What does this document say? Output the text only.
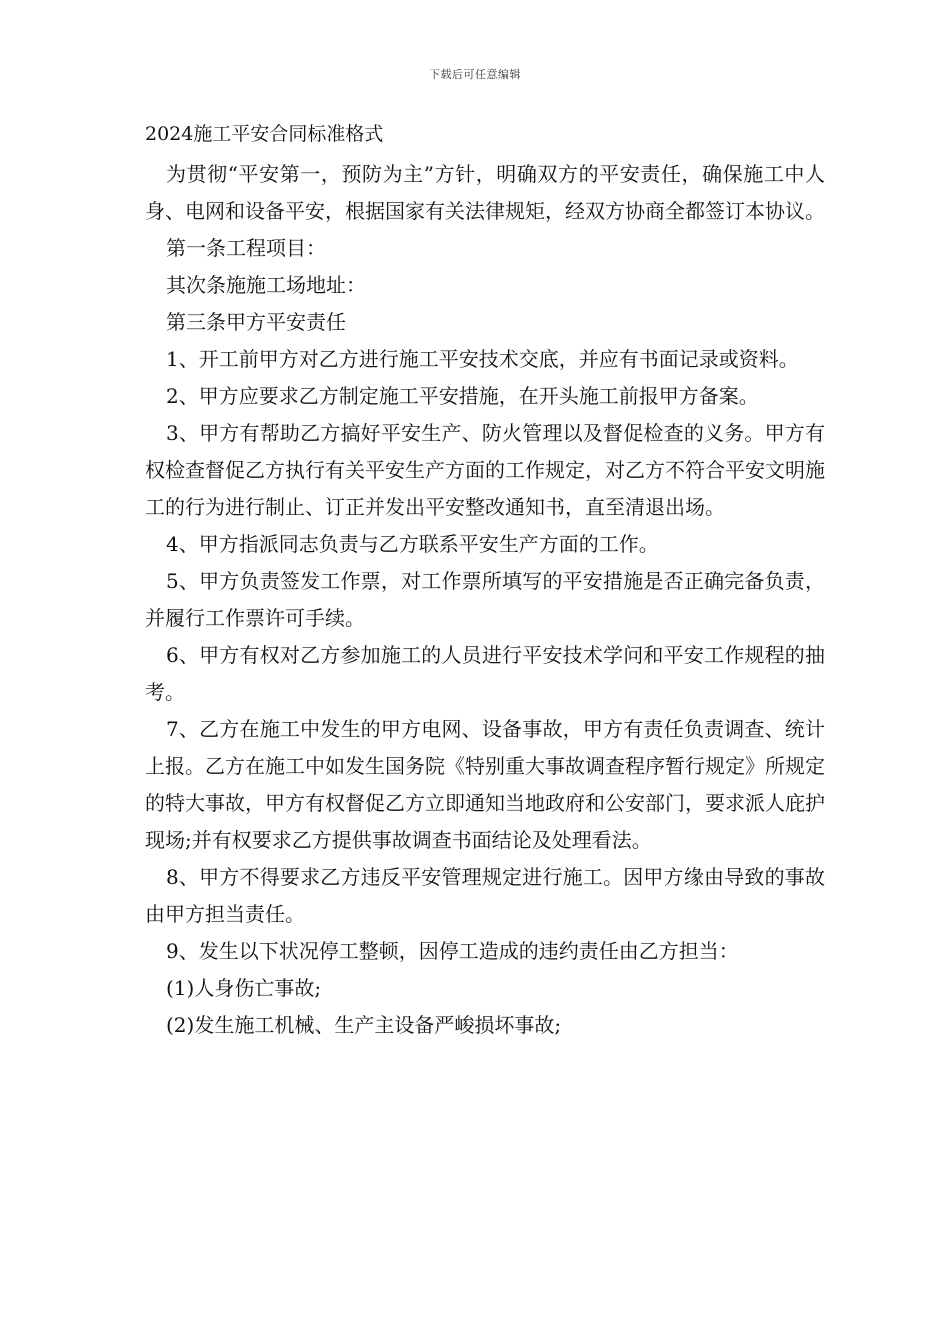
下载后可任意编辑
2024施工平安合同标准格式

为贯彻“平安第一，预防为主”方针，明确双方的平安责任，确保施工中人身、电网和设备平安，根据国家有关法律规矩，经双方协商全都签订本协议。

第一条工程项目：

其次条施施工场地址：

第三条甲方平安责任

1、开工前甲方对乙方进行施工平安技术交底，并应有书面记录或资料。

2、甲方应要求乙方制定施工平安措施，在开头施工前报甲方备案。

3、甲方有帮助乙方搞好平安生产、防火管理以及督促检查的义务。甲方有权检查督促乙方执行有关平安生产方面的工作规定，对乙方不符合平安文明施工的行为进行制止、订正并发出平安整改通知书，直至清退出场。

4、甲方指派同志负责与乙方联系平安生产方面的工作。

5、甲方负责签发工作票，对工作票所填写的平安措施是否正确完备负责，并履行工作票许可手续。

6、甲方有权对乙方参加施工的人员进行平安技术学问和平安工作规程的抽考。

7、乙方在施工中发生的甲方电网、设备事故，甲方有责任负责调查、统计上报。乙方在施工中如发生国务院《特别重大事故调查程序暂行规定》所规定的特大事故，甲方有权督促乙方立即通知当地政府和公安部门，要求派人庇护现场;并有权要求乙方提供事故调查书面结论及处理看法。

8、甲方不得要求乙方违反平安管理规定进行施工。因甲方缘由导致的事故由甲方担当责任。

9、发生以下状况停工整顿，因停工造成的违约责任由乙方担当：

(1)人身伤亡事故;

(2)发生施工机械、生产主设备严峻损坏事故;
